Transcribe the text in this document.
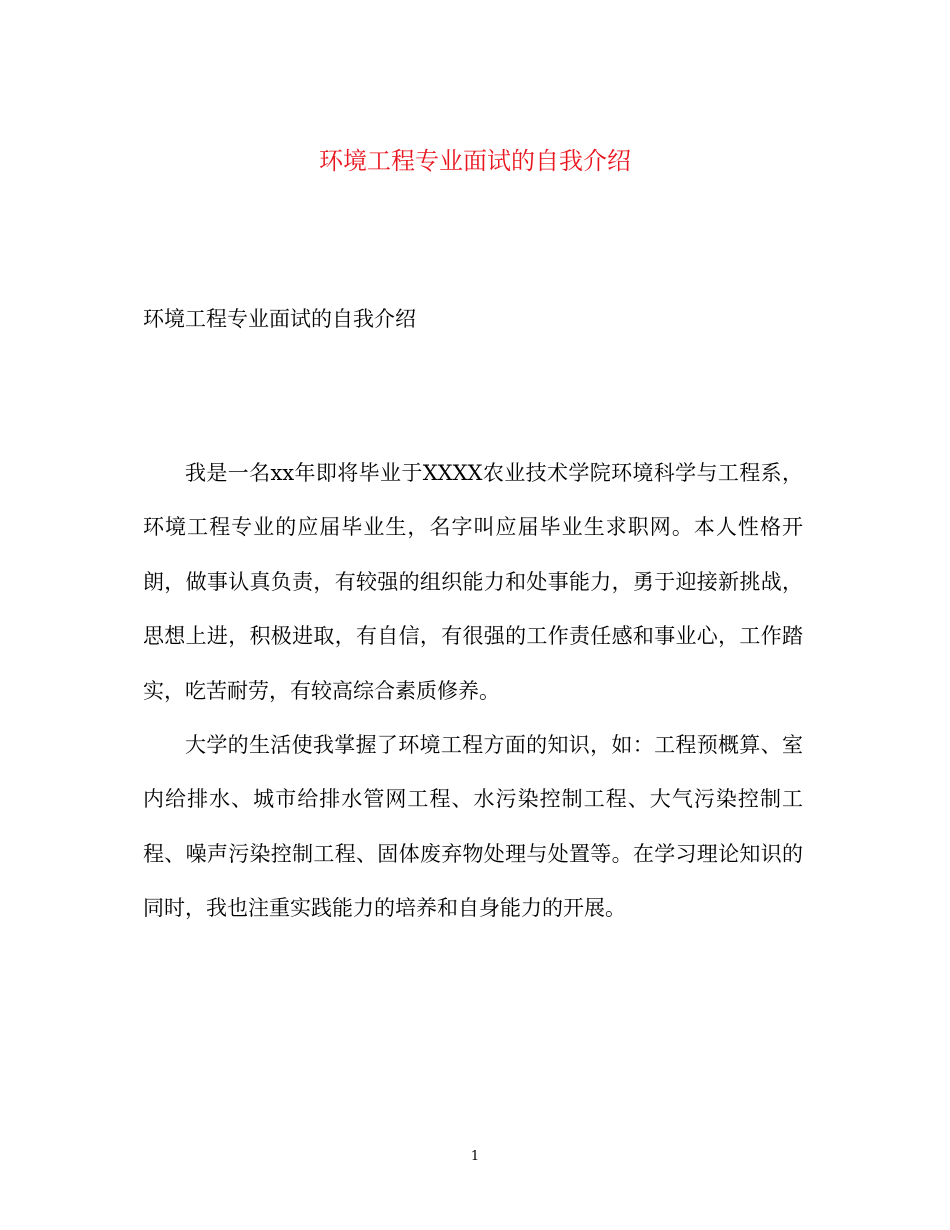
环境工程专业面试的自我介绍

环境工程专业面试的自我介绍

我是一名xx年即将毕业于XXXX农业技术学院环境科学与工程系，环境工程专业的应届毕业生，名字叫应届毕业生求职网。本人性格开朗，做事认真负责，有较强的组织能力和处事能力，勇于迎接新挑战，思想上进，积极进取，有自信，有很强的工作责任感和事业心，工作踏实，吃苦耐劳，有较高综合素质修养。

大学的生活使我掌握了环境工程方面的知识，如：工程预概算、室内给排水、城市给排水管网工程、水污染控制工程、大气污染控制工程、噪声污染控制工程、固体废弃物处理与处置等。在学习理论知识的同时，我也注重实践能力的培养和自身能力的开展。

1
